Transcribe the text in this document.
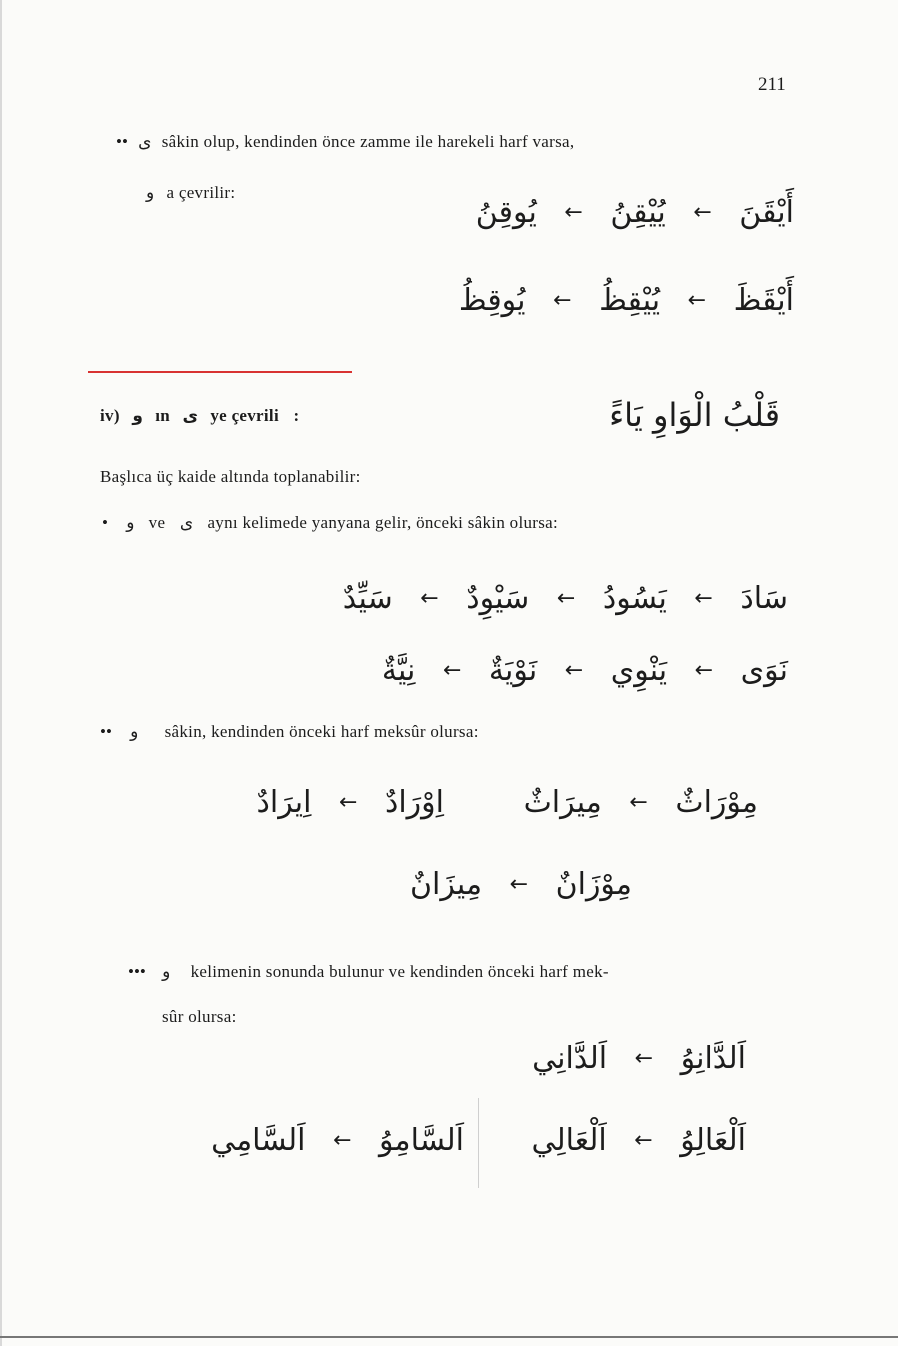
211
•• ى sâkin olup, kendinden önce zamme ile harekeli harf varsa,
و a çevrilir:
أَيْقَنَ ← يُيْقِنُ ← يُوقِنُ
أَيْقَظَ ← يُيْقِظُ ← يُوقِظُ
iv) و ın ى ye çevrili :	قَلْبُ الْوَاوِ يَاءً
Başlıca üç kaide altında toplanabilir:
• و ve ى aynı kelimede yanyana gelir, önceki sâkin olursa:
سَادَ ← يَسُودُ ← سَيْوِدٌ ← سَيِّدٌ
نَوَى ← يَنْوِي ← نَوْيَةٌ ← نِيَّةٌ
•• و sâkin, kendinden önceki harf meksûr olursa:
مِوْرَاثٌ ← مِيرَاثٌ
اِوْرَادٌ ← اِيرَادٌ
مِوْزَانٌ ← مِيزَانٌ
••• و kelimenin sonunda bulunur ve kendinden önceki harf mek-
sûr olursa:
اَلدَّانِوُ ← اَلدَّانِي
اَلْعَالِوُ ← اَلْعَالِي
اَلسَّامِوُ ← اَلسَّامِي
